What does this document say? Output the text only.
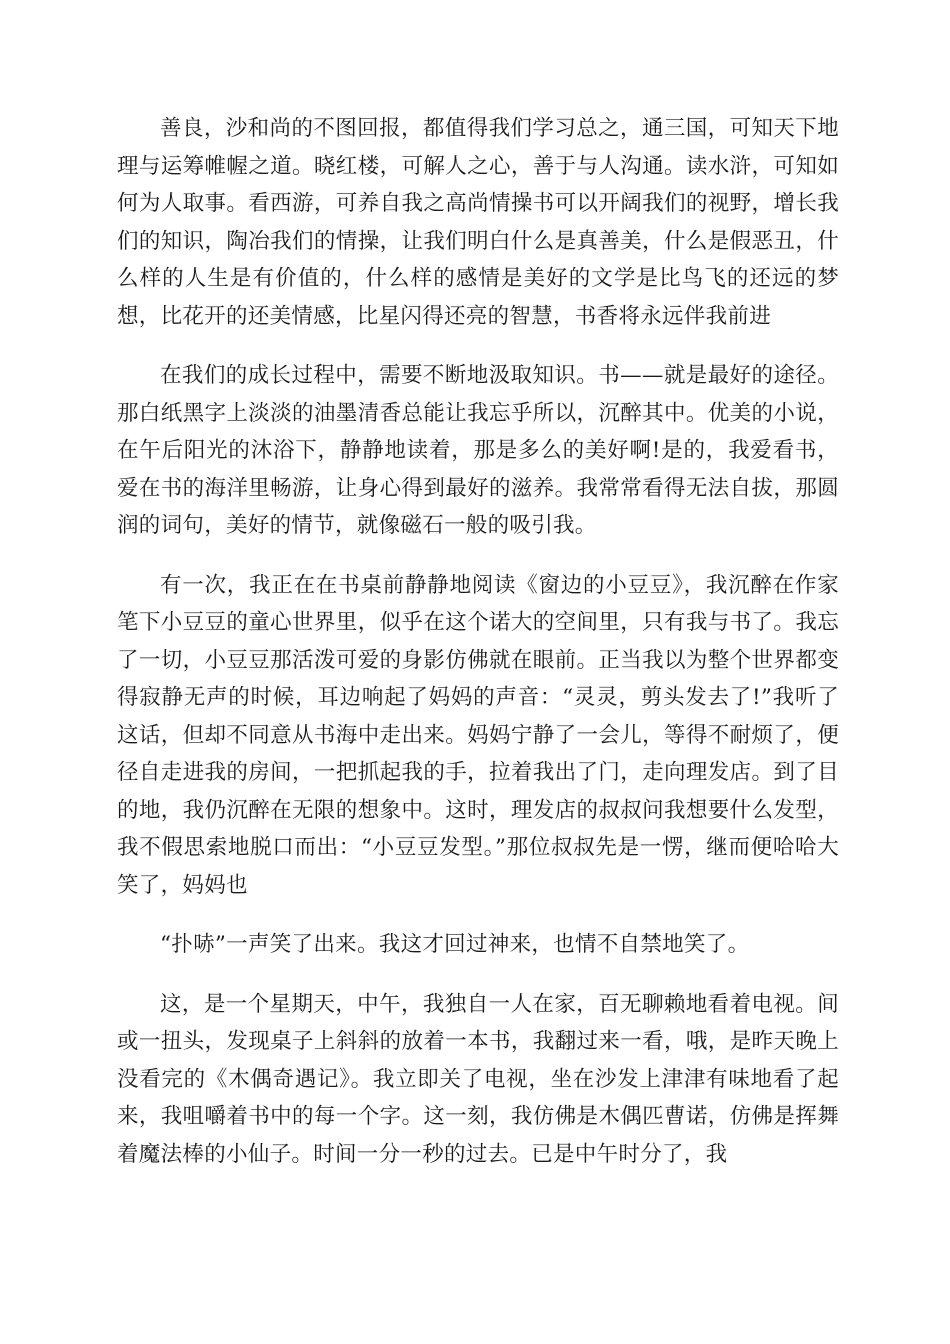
善良，沙和尚的不图回报，都值得我们学习总之，通三国，可知天下地理与运筹帷幄之道。晓红楼，可解人之心，善于与人沟通。读水浒，可知如何为人取事。看西游，可养自我之高尚情操书可以开阔我们的视野，增长我们的知识，陶冶我们的情操，让我们明白什么是真善美，什么是假恶丑，什么样的人生是有价值的，什么样的感情是美好的文学是比鸟飞的还远的梦想，比花开的还美情感，比星闪得还亮的智慧，书香将永远伴我前进

在我们的成长过程中，需要不断地汲取知识。书——就是最好的途径。那白纸黑字上淡淡的油墨清香总能让我忘乎所以，沉醉其中。优美的小说，在午后阳光的沐浴下，静静地读着，那是多么的美好啊!是的，我爱看书，爱在书的海洋里畅游，让身心得到最好的滋养。我常常看得无法自拔，那圆润的词句，美好的情节，就像磁石一般的吸引我。

有一次，我正在在书桌前静静地阅读《窗边的小豆豆》，我沉醉在作家笔下小豆豆的童心世界里，似乎在这个诺大的空间里，只有我与书了。我忘了一切，小豆豆那活泼可爱的身影仿佛就在眼前。正当我以为整个世界都变得寂静无声的时候，耳边响起了妈妈的声音：“灵灵，剪头发去了!”我听了这话，但却不同意从书海中走出来。妈妈宁静了一会儿，等得不耐烦了，便径自走进我的房间，一把抓起我的手，拉着我出了门，走向理发店。到了目的地，我仍沉醉在无限的想象中。这时，理发店的叔叔问我想要什么发型，我不假思索地脱口而出：“小豆豆发型。”那位叔叔先是一愣，继而便哈哈大笑了，妈妈也

“扑哧”一声笑了出来。我这才回过神来，也情不自禁地笑了。

这，是一个星期天，中午，我独自一人在家，百无聊赖地看着电视。间或一扭头，发现桌子上斜斜的放着一本书，我翻过来一看，哦，是昨天晚上没看完的《木偶奇遇记》。我立即关了电视，坐在沙发上津津有味地看了起来，我咀嚼着书中的每一个字。这一刻，我仿佛是木偶匹曹诺，仿佛是挥舞着魔法棒的小仙子。时间一分一秒的过去。已是中午时分了，我
